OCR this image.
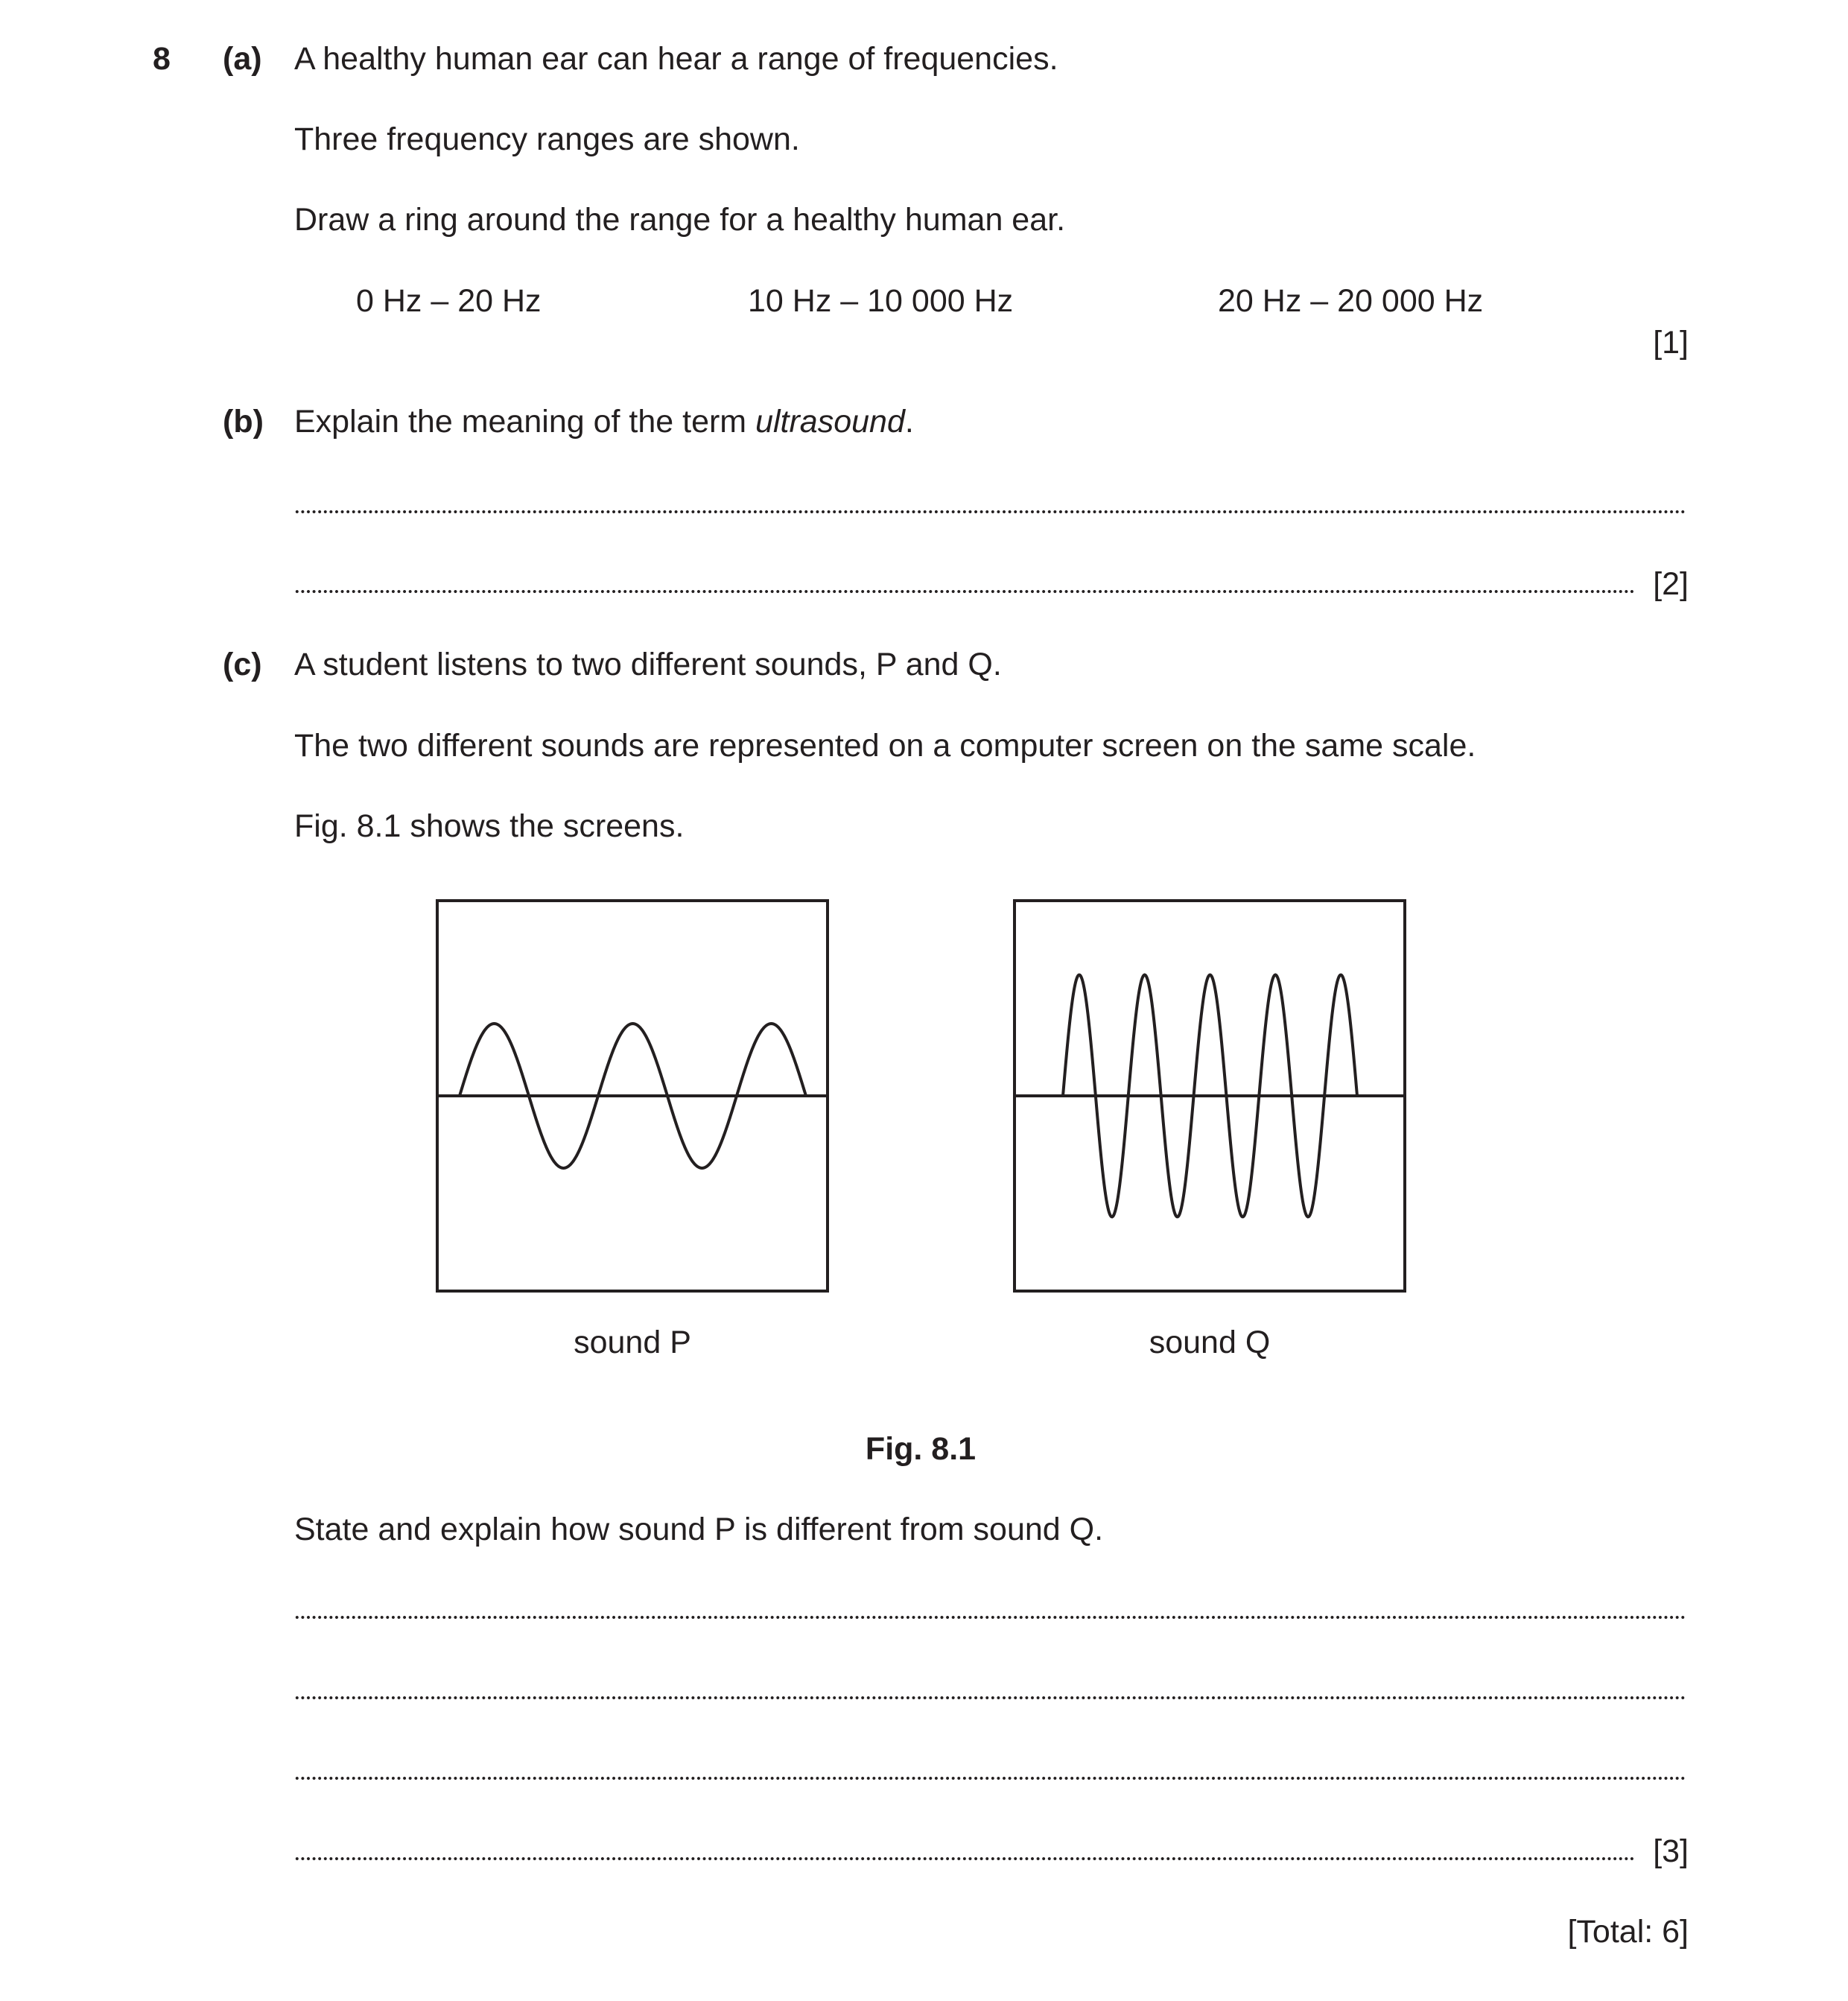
8 (a) A healthy human ear can hear a range of frequencies.
Three frequency ranges are shown.
Draw a ring around the range for a healthy human ear.
0 Hz – 20 Hz	10 Hz – 10 000 Hz	20 Hz – 20 000 Hz
[1]
(b) Explain the meaning of the term ultrasound.
[2]
(c) A student listens to two different sounds, P and Q.
The two different sounds are represented on a computer screen on the same scale.
Fig. 8.1 shows the screens.
sound P	sound Q
Fig. 8.1
State and explain how sound P is different from sound Q.
[3]
[Total: 6]
